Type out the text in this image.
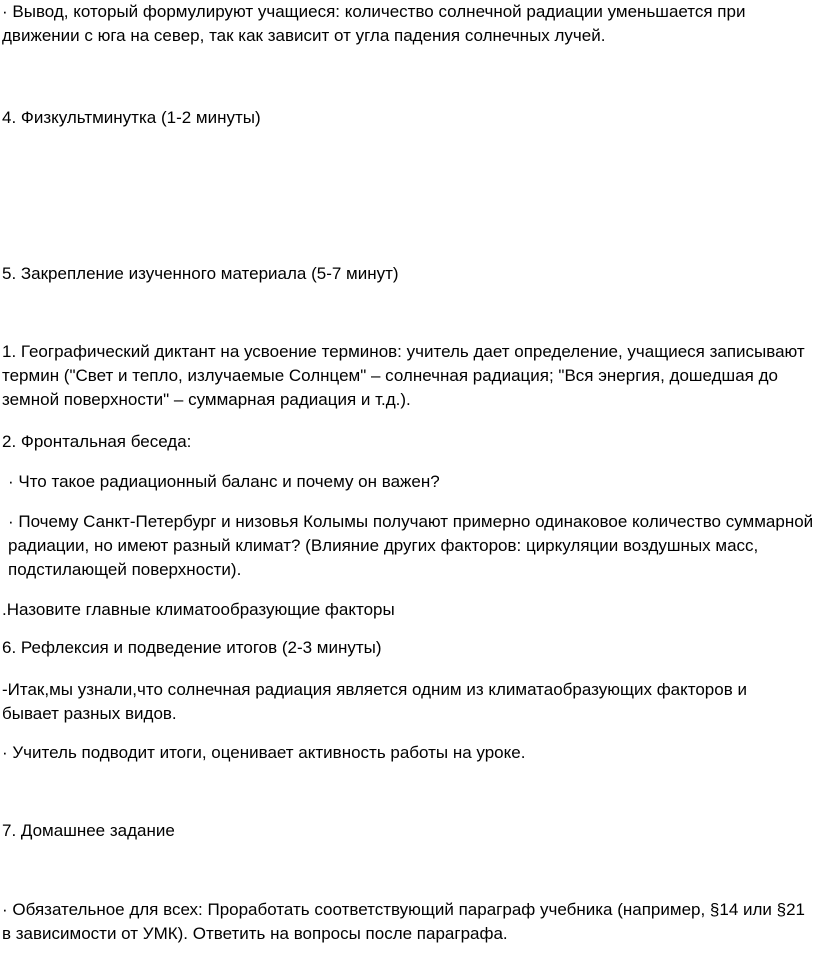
· Вывод, который формулируют учащиеся: количество солнечной радиации уменьшается при движении с юга на север, так как зависит от угла падения солнечных лучей.

4. Физкультминутка (1-2 минуты)

5. Закрепление изученного материала (5-7 минут)

1. Географический диктант на усвоение терминов: учитель дает определение, учащиеся записывают термин ("Свет и тепло, излучаемые Солнцем" – солнечная радиация; "Вся энергия, дошедшая до земной поверхности" – суммарная радиация и т.д.).

2. Фронтальная беседа:

· Что такое радиационный баланс и почему он важен?

· Почему Санкт-Петербург и низовья Колымы получают примерно одинаковое количество суммарной радиации, но имеют разный климат? (Влияние других факторов: циркуляции воздушных масс, подстилающей поверхности).

.Назовите главные климатообразующие факторы

6. Рефлексия и подведение итогов (2-3 минуты)

-Итак,мы узнали,что солнечная радиация является одним из климатаобразующих факторов и бывает разных видов.

· Учитель подводит итоги, оценивает активность работы на уроке.

7. Домашнее задание

· Обязательное для всех: Проработать соответствующий параграф учебника (например, §14 или §21 в зависимости от УМК). Ответить на вопросы после параграфа.
